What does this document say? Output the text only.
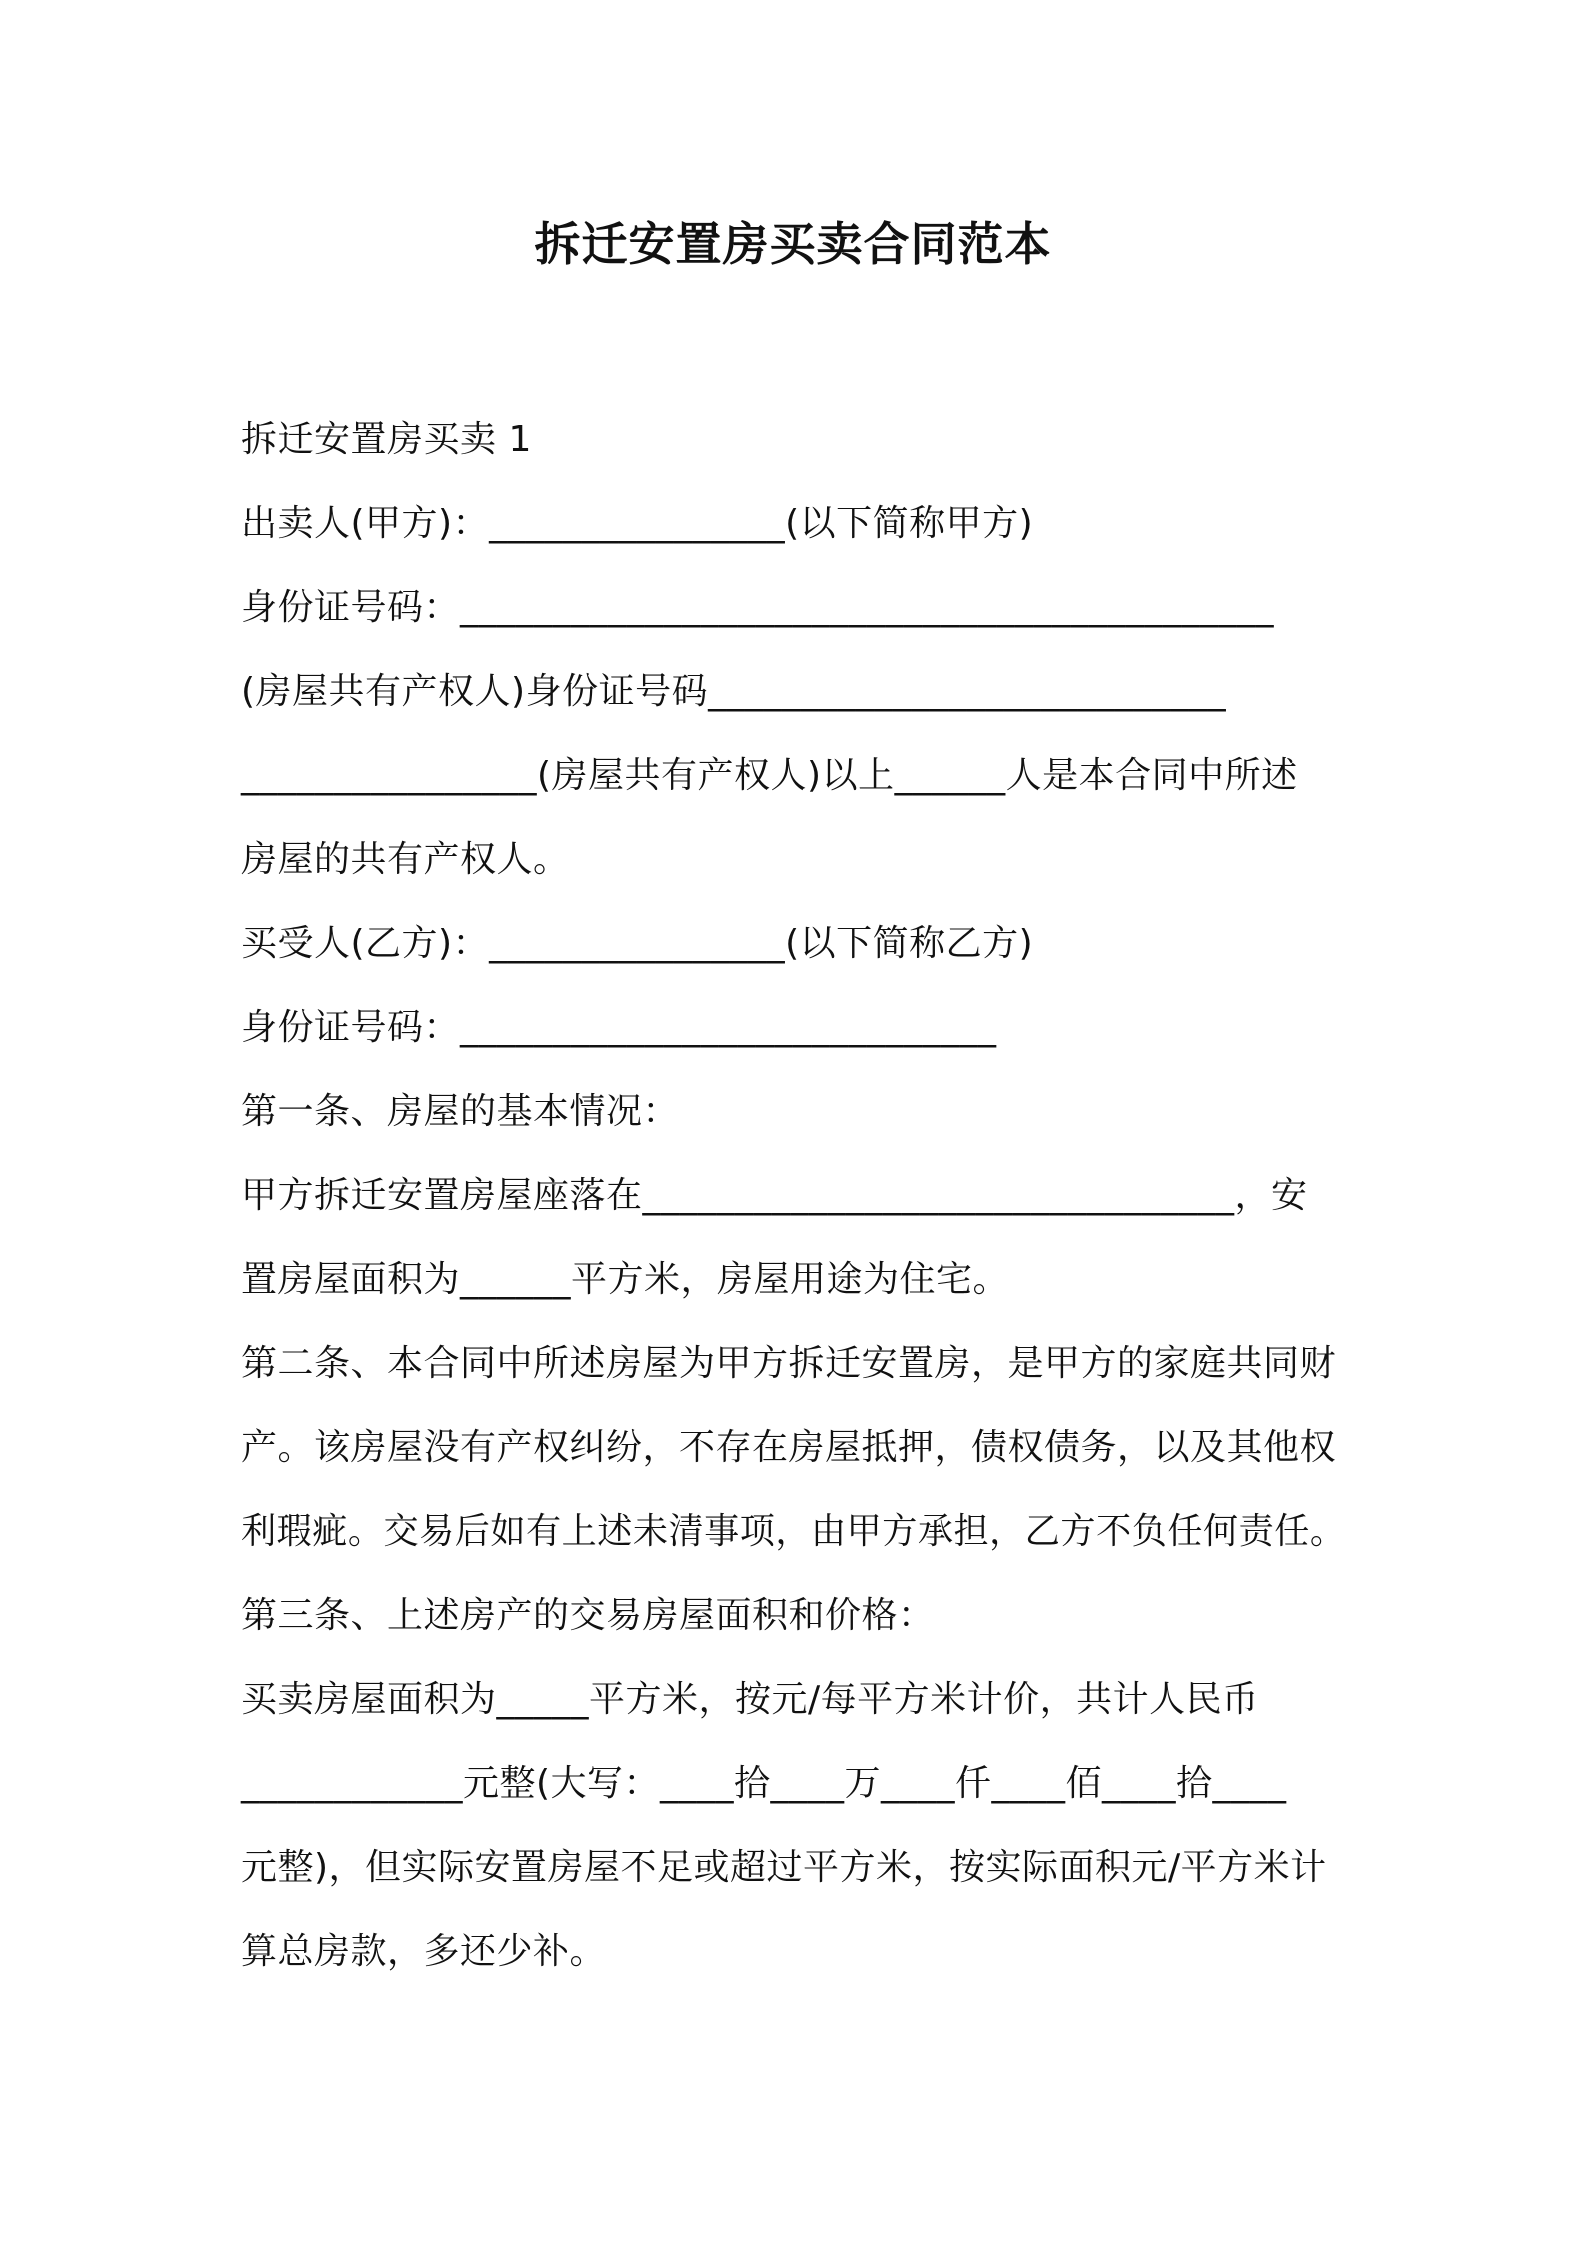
拆迁安置房买卖合同范本
拆迁安置房买卖 1
出卖人(甲方)：________________(以下简称甲方)
身份证号码：____________________________________________
(房屋共有产权人)身份证号码____________________________
________________(房屋共有产权人)以上______人是本合同中所述
房屋的共有产权人。
买受人(乙方)：________________(以下简称乙方)
身份证号码：_____________________________
第一条、房屋的基本情况：
甲方拆迁安置房屋座落在________________________________，安
置房屋面积为______平方米，房屋用途为住宅。
第二条、本合同中所述房屋为甲方拆迁安置房，是甲方的家庭共同财
产。该房屋没有产权纠纷，不存在房屋抵押，债权债务，以及其他权
利瑕疵。交易后如有上述未清事项，由甲方承担，乙方不负任何责任。
第三条、上述房产的交易房屋面积和价格：
买卖房屋面积为_____平方米，按元/每平方米计价，共计人民币
____________元整(大写：____拾____万____仟____佰____拾____
元整)，但实际安置房屋不足或超过平方米，按实际面积元/平方米计
算总房款，多还少补。
